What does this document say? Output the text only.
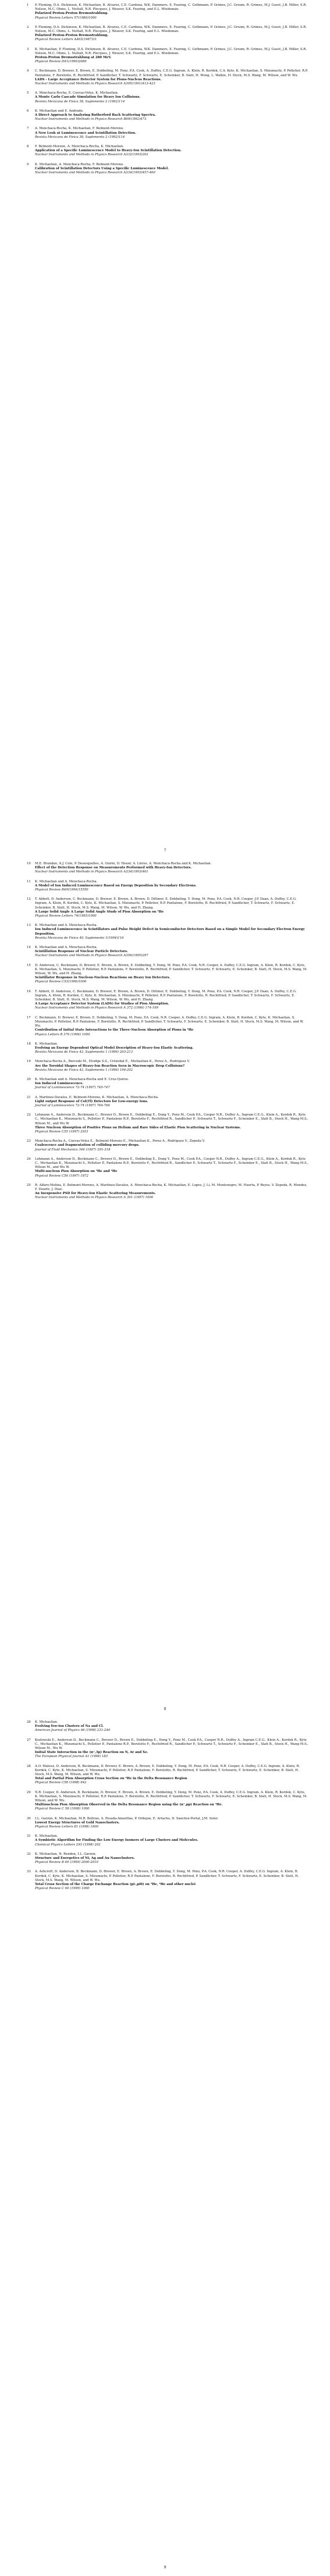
1 P. Fleming, D.A. Dickinson, K. Michaelian, B. Alvarez, C.E. Cardona, W.K. Dammers, E. Fearing, C. Gelbmann, P. Grimes, J.C. Groom, R. Grimes, M.J. Guest, J.B. Miller, S.R. Nelson, M.C. Ohms, L. Nuttall, N.R. Plecques, J. Weaver, S.K. Fearing, and E.L. Wiedeman.
Polarized Proton-Proton Bremsstrahlung.
Physical Review Letters 57(1986)1000
2 P. Fleming, D.A. Dickinson, K. Michaelian, B. Alvarez, C.E. Cardona, W.K. Dammers, E. Fearing, C. Gelbmann, P. Grimes, J.C. Groom, R. Grimes, M.J. Guest, J.B. Miller, S.R. Nelson, M.C. Ohms, L. Nuttall, N.R. Plecques, J. Weaver, S.K. Fearing, and E.L. Wiedeman.
Polarized Proton-Proton Bremsstrahlung.
Physical Review Letters A463(1987)31
3 K. Michaelian, P. Fleming, D.A. Dickinson, B. Alvarez, C.E. Cardona, W.K. Dammers, E. Fearing, C. Gelbmann, P. Grimes, J.C. Groom, R. Grimes, M.J. Guest, J.B. Miller, S.R. Nelson, M.C. Ohms, L. Nuttall, N.R. Plecques, J. Weaver, S.K. Fearing, and E.L. Wiedeman.
Proton-Proton Bremsstrahlung at 280 MeV.
Physical Review D41(1990)2689
4 C. Beckmann, D. Brewer, E. Brown, E. Dobbeling, M. Ponz, P.A. Cook, A. Duffey, C.E.G. Ingram, A. Klein, R. Kordek, C.A. Kyte, K. Michaelian, S. Mizumachi, P. Pelletier, R.P. Pantalone, F. Borelotto, R. Rechtfried, P. Sandlicher, T. Schwartz, F. Schwartz, E. Scheinker, B. Slatt, H. Wong, L. Walkie, H. Stock, M.S. Wang, M. Wilson, and W. Wu.
LADS - Large Acceptance Detector System for Pions-Nucleus Reactions.
Nuclear Instruments and Methods in Physics Research A305(1991)413-423
5 A. Menchaca-Rocha, E. Cuevas-Velez, K. Michaelian.
A Monte Carlo Cascade Simulation for Heavy Ion Collisions.
Revista Mexicana de Fisica 38, Suplemento 2 (1992)114
6 K. Michaelian and E. Andrade.
A Direct Approach to Analyzing Rutherford Back Scattering Spectra.
Nuclear Instruments and Methods in Physics Research B69(1992)473
7 A. Menchaca-Rocha, K. Michaelian, F. Belmont-Moreno.
A New Look at Luminescence and Scintillation Detection.
Revista Mexicana de Fisica 38, Suplemento 2 (1992)114
8 F. Belmont-Moreno, A. Menchaca-Rocha, K. Michaelian.
Application of a Specific Luminescence Model to Heavy-Ion Scintillation Detection.
Nuclear Instruments and Methods in Physics Research A332(1993)202
9 K. Michaelian, A. Menchaca-Rocha, F. Belmont-Moreno.
Calibration of Scintillation Detectors Using a Specific Luminescence Model.
Nuclear Instruments and Methods in Physics Research A334(1993)457-460
7
10 M.E. Brandan, A.J. Cole, P. Desesquelles, A. Giorni, D. Heuer, A. Lleres, A. Menchaca-Rocha and K. Michaelian.
Effect of the Detection Response on Measurements Performed with Heavy-Ion Detectors.
Nuclear Instruments and Methods in Physics Research A334(1993)461
11 K. Michaelian and A. Menchaca-Rocha.
A Model of Ion Induced Luminescence Based on Energy Deposition by Secondary Electrons.
Physical Review B49(1994)15550
12 T. Abbott, D. Anderson, C. Beckmann, D. Brewer, E. Brown, A. Brown, D. Dittmer, E. Dobbeling, Y. Dong, M. Ponz, P.A. Cook, N.R. Cooper, J.P. Daan, A. Duffey, C.E.G. Ingram, A. Klein, R. Kordek, C. Kyte, K. Michaelian, S. Mizumachi, P. Pelletier, R.P. Pantalone, F. Borelotto, R. Rechtfried, P. Sandlicher, T. Schwartz, F. Schwartz, E. Scheinker, B. Slatt, H. Stock, M.S. Wang, M. Wilson, W. Wu, and H. Zhang.
A Large Solid Angle A Large Solid Angle Study of Pion Absorption on ³He
Physical Review Letters 74(1995)1000
13 K. Michaelian and A. Menchaca-Rocha.
Ion Induced Luminescence in Scintillators and Pulse Height Defect in Semiconductor Detectors Based on a Simple Model for Secondary Electron Energy Deposition.
Revista Mexicana de Fisica 40, Suplemento 1(1994)116
14 K. Michaelian and A. Menchaca-Rocha.
Scintillation Response of Nuclear Particle Detectors.
Nuclear Instruments and Methods in Physics Research A356(1995)297
15 D. Anderson, C. Beckmann, D. Brewer, E. Brown, A. Brown, E. Dobbeling, Y. Dong, M. Ponz, P.A. Cook, N.R. Cooper, A. Duffey, C.E.G. Ingram, A. Klein, R. Kordek, C. Kyte, K. Michaelian, S. Mizumachi, P. Pelletier, R.P. Pantalone, F. Borelotto, R. Rechtfried, P. Sandlicher, T. Schwartz, F. Schwartz, E. Scheinker, B. Slatt, H. Stock, M.S. Wang, M. Wilson, W. Wu, and H. Zhang.
Scintillator Response in Nucleon-Nucleus Reactions on Heavy Ion Detectors.
Physical Review C53(1996)1000
16 T. Abbott, D. Anderson, C. Beckmann, D. Brewer, E. Brown, A. Brown, D. Dittmer, E. Dobbeling, Y. Dong, M. Ponz, P.A. Cook, N.R. Cooper, J.P. Daan, A. Duffey, C.E.G. Ingram, A. Klein, R. Kordek, C. Kyte, K. Michaelian, S. Mizumachi, P. Pelletier, R.P. Pantalone, F. Borelotto, R. Rechtfried, P. Sandlicher, T. Schwartz, F. Schwartz, E. Scheinker, B. Slatt, H. Stock, M.S. Wang, M. Wilson, W. Wu, and H. Zhang.
A Large Acceptance Detector System (LADS) for Studies of Pion Absorption.
Nuclear Instruments and Methods in Physics Research A 372 (1996) 174-199
17 C. Beckmann, D. Brewer, E. Brown, E. Dobbeling, Y. Dong, M. Ponz, P.A. Cook, N.R. Cooper, A. Duffey, C.E.G. Ingram, A. Klein, R. Kordek, C. Kyte, K. Michaelian, S. Mizumachi, P. Pelletier, R.P. Pantalone, F. Borelotto, R. Rechtfried, P. Sandlicher, T. Schwartz, F. Schwartz, E. Scheinker, B. Slatt, H. Stock, M.S. Wang, M. Wilson, and W. Wu.
Contribution of Initial State Interactions to the Three-Nucleon Absorption of Pions in ⁴He
Physics Letters B 376 (1996) 1000
18 K. Michaelian.
Evolving an Energy Dependent Optical Model Description of Heavy-Ion Elastic Scattering.
Revista Mexicana de Fisica 42, Suplemento 1 (1996) 203-213
19 Menchaca-Rocha A., Bercedo M., Elvidge S.S., Cristobal E., Michaelian K., Perez A., Rodriguez V.
Are the Toroidal Shapes of Heavy-Ion Reaction Seen in Macroscopic Drop Collisions?
Revista Mexicana de Fisica 42, Suplemento 1 (1996) 190-202
20 K. Michaelian and A. Menchaca-Rocha and E. Cruz-Quiroz.
Ion Induced Luminescence.
Journal of Luminescence 72-74 (1997) 745-747
21 A. Martinez-Davalos, E. Belmont-Moreno, K. Michaelian, A. Menchaca-Rocha.
Light output Response of CsI(Tl) Detectors for Low-energy Ions.
Journal of Luminescence 72-74 (1997) 764-766
22 Lehmann A., Anderson D., Beckmann C., Brewer D., Brown E., Dobbeling E., Dong Y., Ponz M., Cook P.A., Cooper N.R., Duffey A., Ingram C.E.G., Klein A., Kordek R., Kyte C., Michaelian K., Mizumachi S., Pelletier P., Pantalone R.P., Borelotto F., Rechtfried R., Sandlicher P., Schwartz T., Schwartz F., Scheinker E., Slatt B., Stock H., Wang M.S., Wilson M., and Wu W.
Three Nucleon Absorption of Positive Pions on Helium and Rare Sides of Elastic Pion Scattering in Nuclear Systems.
Physical Review C55 (1997) 2931
23 Menchaca-Rocha A., Cuevas-Velez E., Belmont-Moreno E., Michaelian K., Perez A., Rodriguez V., Zepeda V.
Coalescence and fragmentation of colliding mercury drops.
Journal of Fluid Mechanics 346 (1997) 291-318
24 Lehmann A., Anderson D., Beckmann C., Brewer D., Brown E., Dobbeling E., Dong Y., Ponz M., Cook P.A., Cooper N.R., Duffey A., Ingram C.E.G., Klein A., Kordek R., Kyte C., Michaelian K., Mizumachi S., Pelletier P., Pantalone R.P., Borelotto F., Rechtfried R., Sandlicher P., Schwartz T., Schwartz F., Scheinker E., Slatt B., Stock H., Wang M.S., Wilson M., and Wu W.
Multi-nucleon Pion Absorption on ³He and ⁴He
Physical Review C56 (1997) 1872
25 R. Alfaro-Molina, E. Belmont-Moreno, A. Martinez-Davalos, A. Menchaca-Rocha, K. Michaelian, E. Lopez, J. Li, M. Montenegro, M. Huerta, P. Reyes, V. Zepeda, R. Mendez, F. Duarte, J. Diaz.
An Inexpensive PSD for Heavy-Ion Elastic Scattering Measurements.
Nuclear Instruments and Methods in Physics Research A 391 (1997) 1000
8
26 K. Michaelian.
Evolving few-ion Clusters of Na and Cl.
American Journal of Physics 66 (1998) 231-240
27 Kozlowski E., Anderson D., Beckmann C., Brewer D., Brown E., Dobbeling E., Dong Y., Ponz M., Cook P.A., Cooper N.R., Duffey A., Ingram C.E.G., Klein A., Kordek R., Kyte C., Michaelian K., Mizumachi S., Pelletier P., Pantalone R.P., Borelotto F., Rechtfried R., Sandlicher P., Schwartz T., Schwartz F., Scheinker E., Slatt B., Stock H., Wang M.S., Wilson M., Wu W.
Initial State Interaction in the (π⁺,3p) Reaction on N, Ar and Xe.
The European Physical Journal A1 (1998) 183
28 A.O. Mateos, D. Anderson, B. Beckmann, D. Brewer, E. Brown, A. Brown, E. Dobbeling, Y. Dong, M. Ponz, P.A. Cook, N.R. Cooper, A. Duffey, C.E.G. Ingram, A. Klein, R. Kordek, C. Kyte, K. Michaelian, S. Mizumachi, P. Pelletier, R.P. Pantalone, F. Borelotto, R. Rechtfried, P. Sandlicher, T. Schwartz, F. Schwartz, E. Scheinker, B. Slatt, H. Stock, M.S. Wang, M. Wilson, and W. Wu.
Total and Partial Pion Absorption Cross Section on ⁴He in the Delta Resonance Region
Physical Review C58 (1998) 942
29 N.R. Cooper, D. Anderson, B. Beckmann, D. Brewer, E. Brown, A. Brown, E. Dobbeling, Y. Dong, M. Ponz, P.A. Cook, A. Duffey, C.E.G. Ingram, A. Klein, R. Kordek, C. Kyte, K. Michaelian, S. Mizumachi, P. Pelletier, R.P. Pantalone, F. Borelotto, R. Rechtfried, P. Sandlicher, T. Schwartz, F. Schwartz, E. Scheinker, B. Slatt, H. Stock, M.S. Wang, M. Wilson, and W. Wu.
Multinucleon Pion Absorption Observed in the Delta Resonance Region using the (π⁺,pp) Reaction on ³He.
Physical Review C 58 (1998) 1000
30 I.L. Garzon, K. Michaelian, M.R. Beltran, A. Posada-Amarillas, P. Ordejon, E. Artacho, D. Sanchez-Portal, J.M. Soler.
Lowest Energy Structures of Gold Nanoclusters.
Physical Review Letters 81 (1998) 1600
31 K. Michaelian.
A Symbiotic Algorithm for Finding the Low Energy Isomers of Large Clusters and Molecules.
Chemical Physics Letters 293 (1998) 202
32 K. Michaelian, N. Rendon, I.L. Garzon.
Structure and Energetics of Ni, Ag and Au Nanoclusters.
Physical Review B 60 (1999) 2000-2010
33 A. Ashcroft, D. Anderson, B. Beckmann, D. Brewer, E. Brown, A. Brown, E. Dobbeling, Y. Dong, M. Ponz, P.A. Cook, N.R. Cooper, A. Duffey, C.E.G. Ingram, A. Klein, R. Kordek, C. Kyte, K. Michaelian, S. Mizumachi, P. Pelletier, R.P. Pantalone, F. Borelotto, R. Rechtfried, P. Sandlicher, T. Schwartz, F. Schwartz, E. Scheinker, B. Slatt, H. Stock, M.S. Wang, M. Wilson, and W. Wu.
Total Cross Section of the Charge Exchange Reaction (pi-,pi0) on ³He, ⁴He and other nuclei
Physical Review C 60 (1999) 1000
9
